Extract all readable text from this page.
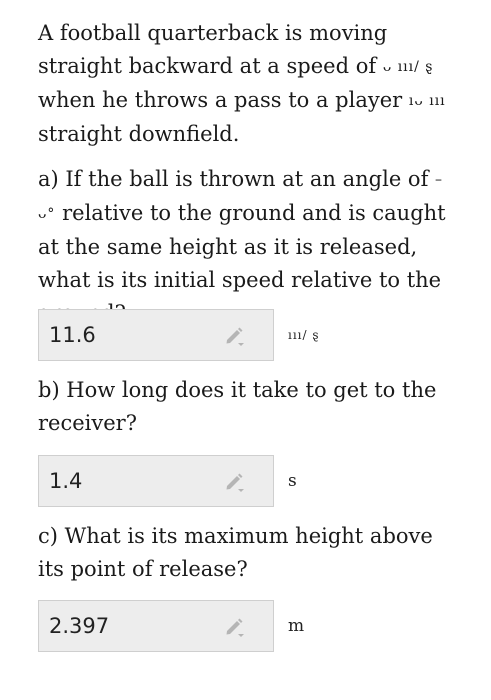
A football quarterback is moving straight backward at a speed of ᴗ ııı/ ȿ when he throws a pass to a player ıᴗ ııı straight downfield.

a) If the ball is thrown at an angle of –ᴗ° relative to the ground and is caught at the same height as it is released, what is its initial speed relative to the

11.6	ııı/ ȿ

b) How long does it take to get to the receiver?

1.4	s

c) What is its maximum height above its point of release?

2.397	m
